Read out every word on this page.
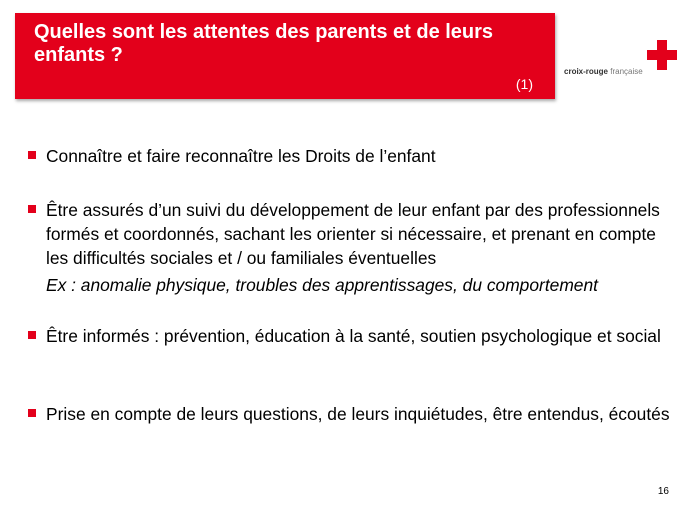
Quelles sont les attentes des parents et de leurs enfants ?

(1)
croix-rouge française
Connaître et faire reconnaître les Droits de l’enfant
Être assurés d’un suivi du développement de leur enfant par des professionnels formés et coordonnés, sachant les orienter si nécessaire, et prenant en compte les difficultés sociales et / ou familiales éventuelles
Ex : anomalie physique, troubles des apprentissages, du comportement
Être informés : prévention, éducation à la santé, soutien psychologique et social
Prise en compte de leurs questions, de leurs inquiétudes, être entendus, écoutés
16
